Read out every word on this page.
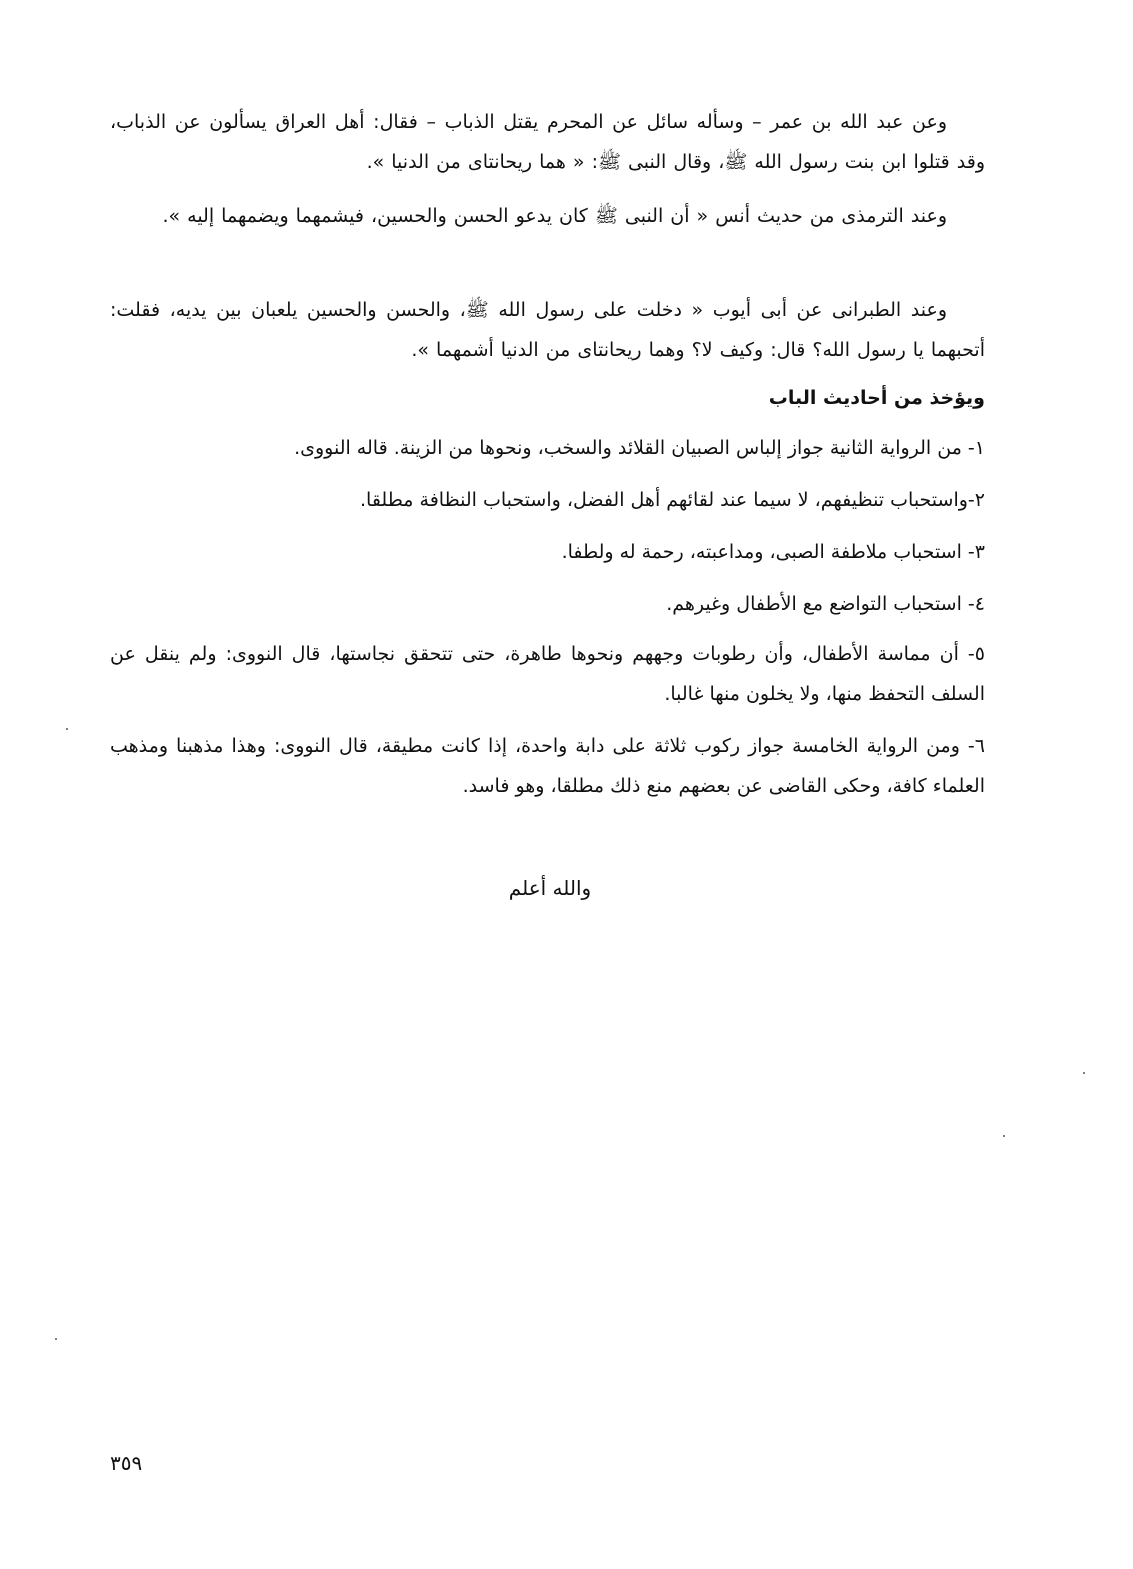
وعن عبد الله بن عمر – وسأله سائل عن المحرم يقتل الذباب – فقال: أهل العراق يسألون عن الذباب، وقد قتلوا ابن بنت رسول الله ﷺ، وقال النبى ﷺ: « هما ريحانتاى من الدنيا ».

وعند الترمذى من حديث أنس « أن النبى ﷺ كان يدعو الحسن والحسين، فيشمهما ويضمهما إليه ».

وعند الطبرانى عن أبى أيوب « دخلت على رسول الله ﷺ، والحسن والحسين يلعبان بين يديه، فقلت: أتحبهما يا رسول الله؟ قال: وكيف لا؟ وهما ريحانتاى من الدنيا أشمهما ».

ويؤخذ من أحاديث الباب

١- من الرواية الثانية جواز إلباس الصبيان القلائد والسخب، ونحوها من الزينة. قاله النووى.

٢-واستحباب تنظيفهم، لا سيما عند لقائهم أهل الفضل، واستحباب النظافة مطلقا.

٣- استحباب ملاطفة الصبى، ومداعبته، رحمة له ولطفا.

٤- استحباب التواضع مع الأطفال وغيرهم.

٥- أن مماسة الأطفال، وأن رطوبات وجههم ونحوها طاهرة، حتى تتحقق نجاستها، قال النووى: ولم ينقل عن السلف التحفظ منها، ولا يخلون منها غالبا.

٦- ومن الرواية الخامسة جواز ركوب ثلاثة على دابة واحدة، إذا كانت مطيقة، قال النووى: وهذا مذهبنا ومذهب العلماء كافة، وحكى القاضى عن بعضهم منع ذلك مطلقا، وهو فاسد.

والله أعلم
٣٥٩
